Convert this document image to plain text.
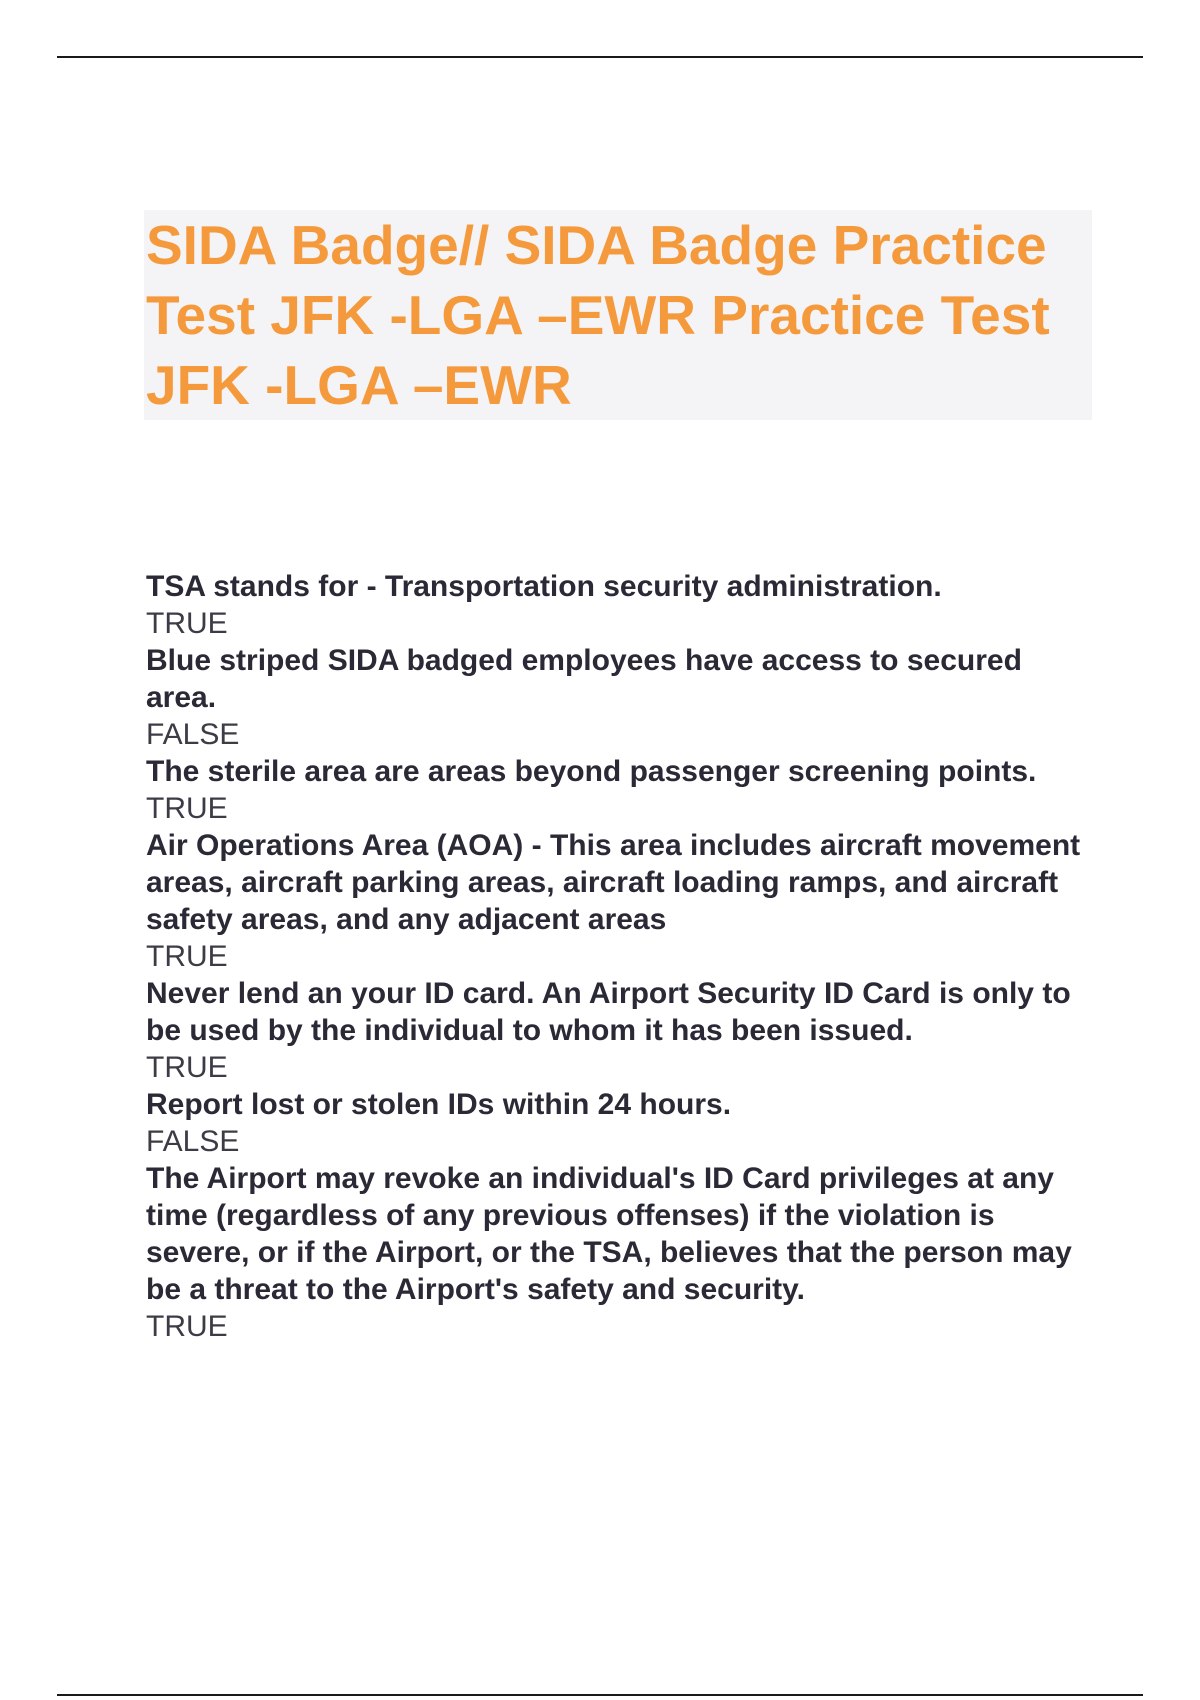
SIDA Badge// SIDA Badge Practice Test JFK -LGA –EWR Practice Test JFK -LGA –EWR

TSA stands for - Transportation security administration.

TRUE

Blue striped SIDA badged employees have access to secured area.

FALSE

The sterile area are areas beyond passenger screening points.

TRUE

Air Operations Area (AOA) - This area includes aircraft movement areas, aircraft parking areas, aircraft loading ramps, and aircraft safety areas, and any adjacent areas

TRUE

Never lend an your ID card. An Airport Security ID Card is only to be used by the individual to whom it has been issued.

TRUE

Report lost or stolen IDs within 24 hours.

FALSE

The Airport may revoke an individual's ID Card privileges at any time (regardless of any previous offenses) if the violation is severe, or if the Airport, or the TSA, believes that the person may be a threat to the Airport's safety and security.

TRUE
